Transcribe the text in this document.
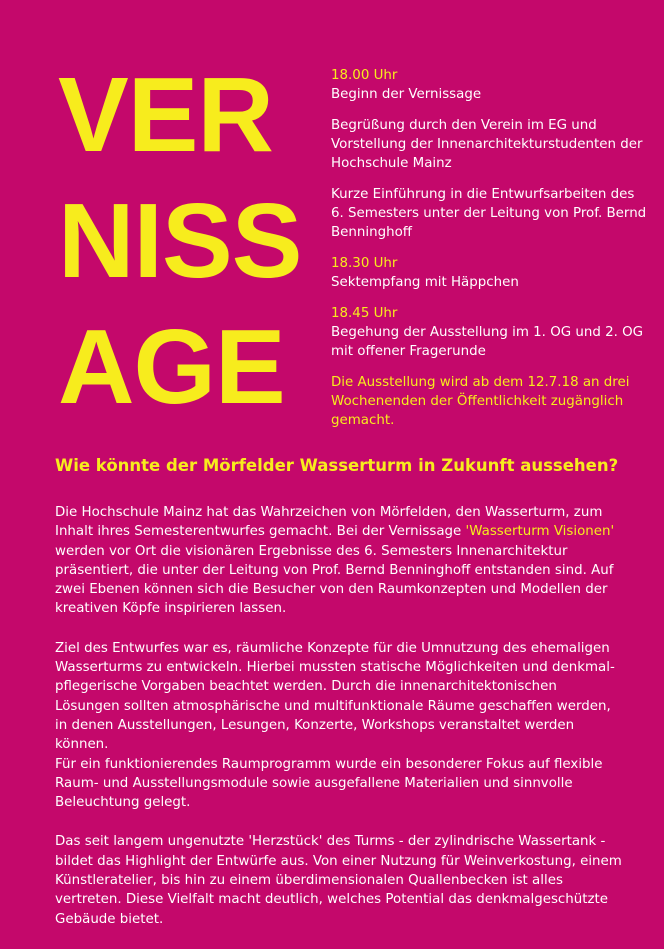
VER
NISS
AGE
18.00 Uhr

Beginn der Vernissage

Begrüßung durch den Verein im EG und Vorstellung der Innenarchitekturstudenten der Hochschule Mainz

Kurze Einführung in die Entwurfsarbeiten des 6. Semesters unter der Leitung von Prof. Bernd Benninghoff

18.30 Uhr

Sektempfang mit Häppchen

18.45 Uhr

Begehung der Ausstellung im 1. OG und 2. OG mit offener Fragerunde

Die Ausstellung wird ab dem 12.7.18 an drei Wochenenden der Öffentlichkeit zugänglich gemacht.

Wie könnte der Mörfelder Wasserturm in Zukunft aussehen?

Die Hochschule Mainz hat das Wahrzeichen von Mörfelden, den Wasserturm, zum Inhalt ihres Semesterentwurfes gemacht. Bei der Vernissage 'Wasserturm Visionen' werden vor Ort die visionären Ergebnisse des 6. Semesters Innenarchitektur präsentiert, die unter der Leitung von Prof. Bernd Benninghoff entstanden sind. Auf zwei Ebenen können sich die Besucher von den Raumkonzepten und Modellen der kreativen Köpfe inspirieren lassen.

Ziel des Entwurfes war es, räumliche Konzepte für die Umnutzung des ehemaligen Wasserturms zu entwickeln. Hierbei mussten statische Möglichkeiten und denkmal-pflegerische Vorgaben beachtet werden. Durch die innenarchitektonischen Lösungen sollten atmosphärische und multifunktionale Räume geschaffen werden, in denen Ausstellungen, Lesungen, Konzerte, Workshops veranstaltet werden können.
Für ein funktionierendes Raumprogramm wurde ein besonderer Fokus auf flexible Raum- und Ausstellungsmodule sowie ausgefallene Materialien und sinnvolle Beleuchtung gelegt.

Das seit langem ungenutzte 'Herzstück' des Turms - der zylindrische Wassertank - bildet das Highlight der Entwürfe aus. Von einer Nutzung für Weinverkostung, einem Künstleratelier, bis hin zu einem überdimensionalen Quallenbecken ist alles vertreten. Diese Vielfalt macht deutlich, welches Potential das denkmalgeschützte Gebäude bietet.
